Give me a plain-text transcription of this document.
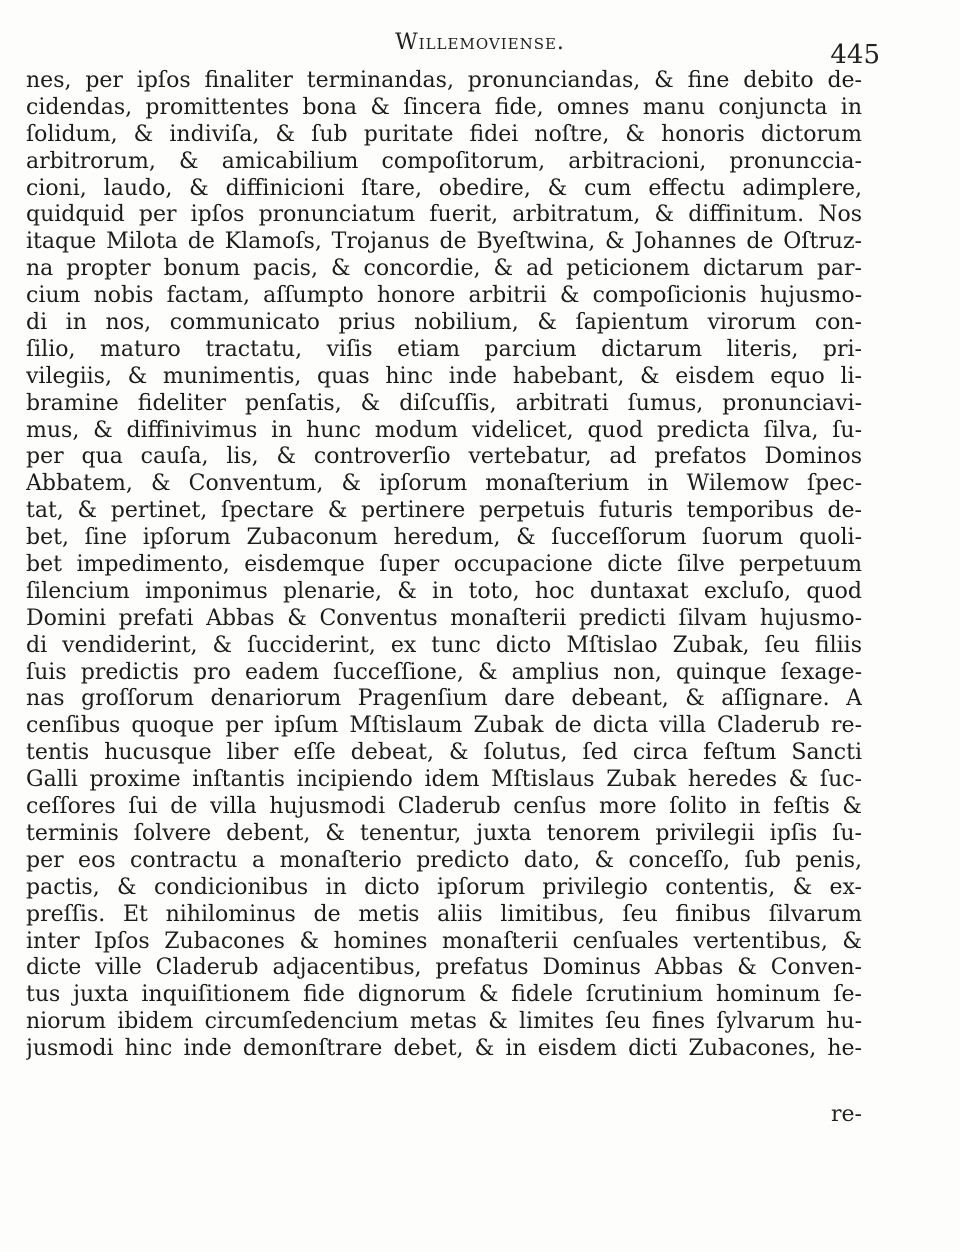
Willemoviense.	445
nes, per ipſos finaliter terminandas, pronunciandas, & fine debito de-
cidendas, promittentes bona & ſincera fide, omnes manu conjuncta in
ſolidum, & indiviſa, & ſub puritate fidei noſtre, & honoris dictorum
arbitrorum, & amicabilium compoſitorum, arbitracioni, pronunccia-
cioni, laudo, & diffinicioni ſtare, obedire, & cum effectu adimplere,
quidquid per ipſos pronunciatum fuerit, arbitratum, & diffinitum. Nos
itaque Milota de Klamoſs, Trojanus de Byeſtwina, & Johannes de Oſtruz-
na propter bonum pacis, & concordie, & ad peticionem dictarum par-
cium nobis factam, aſſumpto honore arbitrii & compoſicionis hujusmo-
di in nos, communicato prius nobilium, & ſapientum virorum con-
ſilio, maturo tractatu, viſis etiam parcium dictarum literis, pri-
vilegiis, & munimentis, quas hinc inde habebant, & eisdem equo li-
bramine fideliter penſatis, & diſcuſſis, arbitrati ſumus, pronunciavi-
mus, & diffinivimus in hunc modum videlicet, quod predicta ſilva, ſu-
per qua cauſa, lis, & controverſio vertebatur, ad prefatos Dominos
Abbatem, & Conventum, & ipſorum monaſterium in Wilemow ſpec-
tat, & pertinet, ſpectare & pertinere perpetuis futuris temporibus de-
bet, ſine ipſorum Zubaconum heredum, & ſucceſſorum ſuorum quoli-
bet impedimento, eisdemque ſuper occupacione dicte ſilve perpetuum
ſilencium imponimus plenarie, & in toto, hoc duntaxat excluſo, quod
Domini prefati Abbas & Conventus monaſterii predicti ſilvam hujusmo-
di vendiderint, & ſucciderint, ex tunc dicto Mſtislao Zubak, ſeu filiis
ſuis predictis pro eadem ſucceſſione, & amplius non, quinque ſexage-
nas groſſorum denariorum Pragenſium dare debeant, & aſſignare. A
cenſibus quoque per ipſum Mſtislaum Zubak de dicta villa Claderub re-
tentis hucusque liber eſſe debeat, & ſolutus, ſed circa feſtum Sancti
Galli proxime inſtantis incipiendo idem Mſtislaus Zubak heredes & ſuc-
ceſſores ſui de villa hujusmodi Claderub cenſus more ſolito in feſtis &
terminis ſolvere debent, & tenentur, juxta tenorem privilegii ipſis ſu-
per eos contractu a monaſterio predicto dato, & conceſſo, ſub penis,
pactis, & condicionibus in dicto ipſorum privilegio contentis, & ex-
preſſis. Et nihilominus de metis aliis limitibus, ſeu finibus ſilvarum
inter Ipſos Zubacones & homines monaſterii cenſuales vertentibus, &
dicte ville Claderub adjacentibus, prefatus Dominus Abbas & Conven-
tus juxta inquiſitionem fide dignorum & fidele ſcrutinium hominum ſe-
niorum ibidem circumſedencium metas & limites ſeu fines ſylvarum hu-
jusmodi hinc inde demonſtrare debet, & in eisdem dicti Zubacones, he-
re-
